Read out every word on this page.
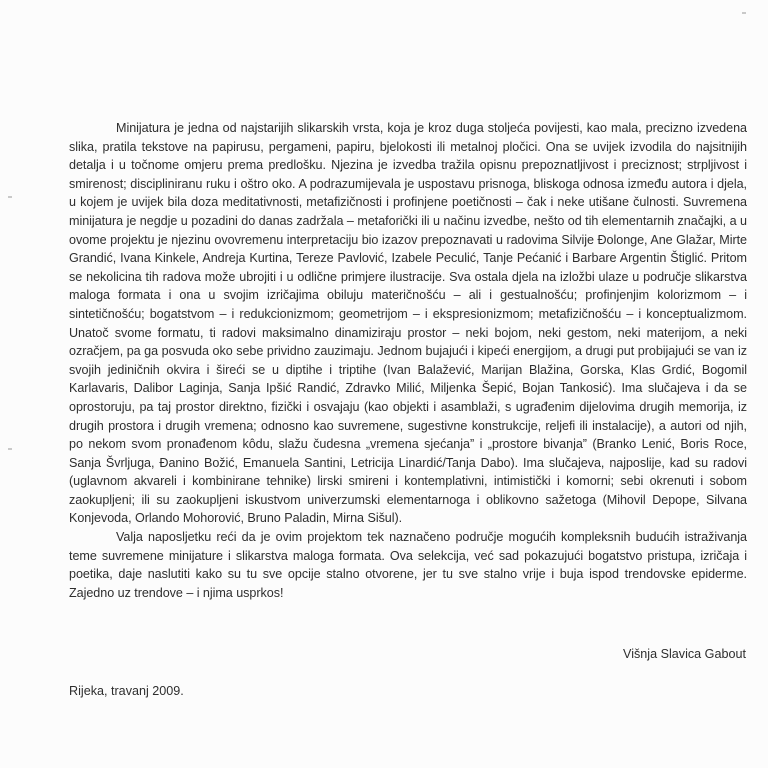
Minijatura je jedna od najstarijih slikarskih vrsta, koja je kroz duga stoljeća povijesti, kao mala, precizno izvedena slika, pratila tekstove na papirusu, pergameni, papiru, bjelokosti ili metalnoj pločici. Ona se uvijek izvodila do najsitnijih detalja i u točnome omjeru prema predlošku. Njezina je izvedba tražila opisnu prepoznatljivost i preciznost; strpljivost i smirenost; discipliniranu ruku i oštro oko. A podrazumijevala je uspostavu prisnoga, bliskoga odnosa između autora i djela, u kojem je uvijek bila doza meditativnosti, metafizičnosti i profinjene poetičnosti – čak i neke utišane čulnosti. Suvremena minijatura je negdje u pozadini do danas zadržala – metaforički ili u načinu izvedbe, nešto od tih elementarnih značajki, a u ovome projektu je njezinu ovovremenu interpretaciju bio izazov prepoznavati u radovima Silvije Đolonge, Ane Glažar, Mirte Grandić, Ivana Kinkele, Andreja Kurtina, Tereze Pavlović, Izabele Peculić, Tanje Pećanić i Barbare Argentin Štiglić. Pritom se nekolicina tih radova može ubrojiti i u odlične primjere ilustracije. Sva ostala djela na izložbi ulaze u područje slikarstva maloga formata i ona u svojim izričajima obiluju materičnošću – ali i gestualnošću; profinjenjim kolorizmom – i sintetičnošću; bogatstvom – i redukcionizmom; geometrijom – i ekspresionizmom; metafizičnošću – i konceptualizmom. Unatoč svome formatu, ti radovi maksimalno dinamiziraju prostor – neki bojom, neki gestom, neki materijom, a neki ozračjem, pa ga posvuda oko sebe prividno zauzimaju. Jednom bujajući i kipeći energijom, a drugi put probijajući se van iz svojih jediničnih okvira i šireći se u diptihe i triptihe (Ivan Balažević, Marijan Blažina, Gorska, Klas Grdić, Bogomil Karlavaris, Dalibor Laginja, Sanja Ipšić Randić, Zdravko Milić, Miljenka Šepić, Bojan Tankosić). Ima slučajeva i da se oprostoruju, pa taj prostor direktno, fizički i osvajaju (kao objekti i asamblaži, s ugrađenim dijelovima drugih memorija, iz drugih prostora i drugih vremena; odnosno kao suvremene, sugestivne konstrukcije, reljefi ili instalacije), a autori od njih, po nekom svom pronađenom kôdu, slažu čudesna „vremena sjećanja” i „prostore bivanja” (Branko Lenić, Boris Roce, Sanja Švrljuga, Đanino Božić, Emanuela Santini, Letricija Linardić/Tanja Dabo). Ima slučajeva, najposlije, kad su radovi (uglavnom akvareli i kombinirane tehnike) lirski smireni i kontemplativni, intimistički i komorni; sebi okrenuti i sobom zaokupljeni; ili su zaokupljeni iskustvom univerzumski elementarnoga i oblikovno sažetoga (Mihovil Depope, Silvana Konjevoda, Orlando Mohorović, Bruno Paladin, Mirna Sišul).

Valja naposljetku reći da je ovim projektom tek naznačeno područje mogućih kompleksnih budućih istraživanja teme suvremene minijature i slikarstva maloga formata. Ova selekcija, već sad pokazujući bogatstvo pristupa, izričaja i poetika, daje naslutiti kako su tu sve opcije stalno otvorene, jer tu sve stalno vrije i buja ispod trendovske epiderme. Zajedno uz trendove – i njima usprkos!

Višnja Slavica Gabout
Rijeka, travanj 2009.
